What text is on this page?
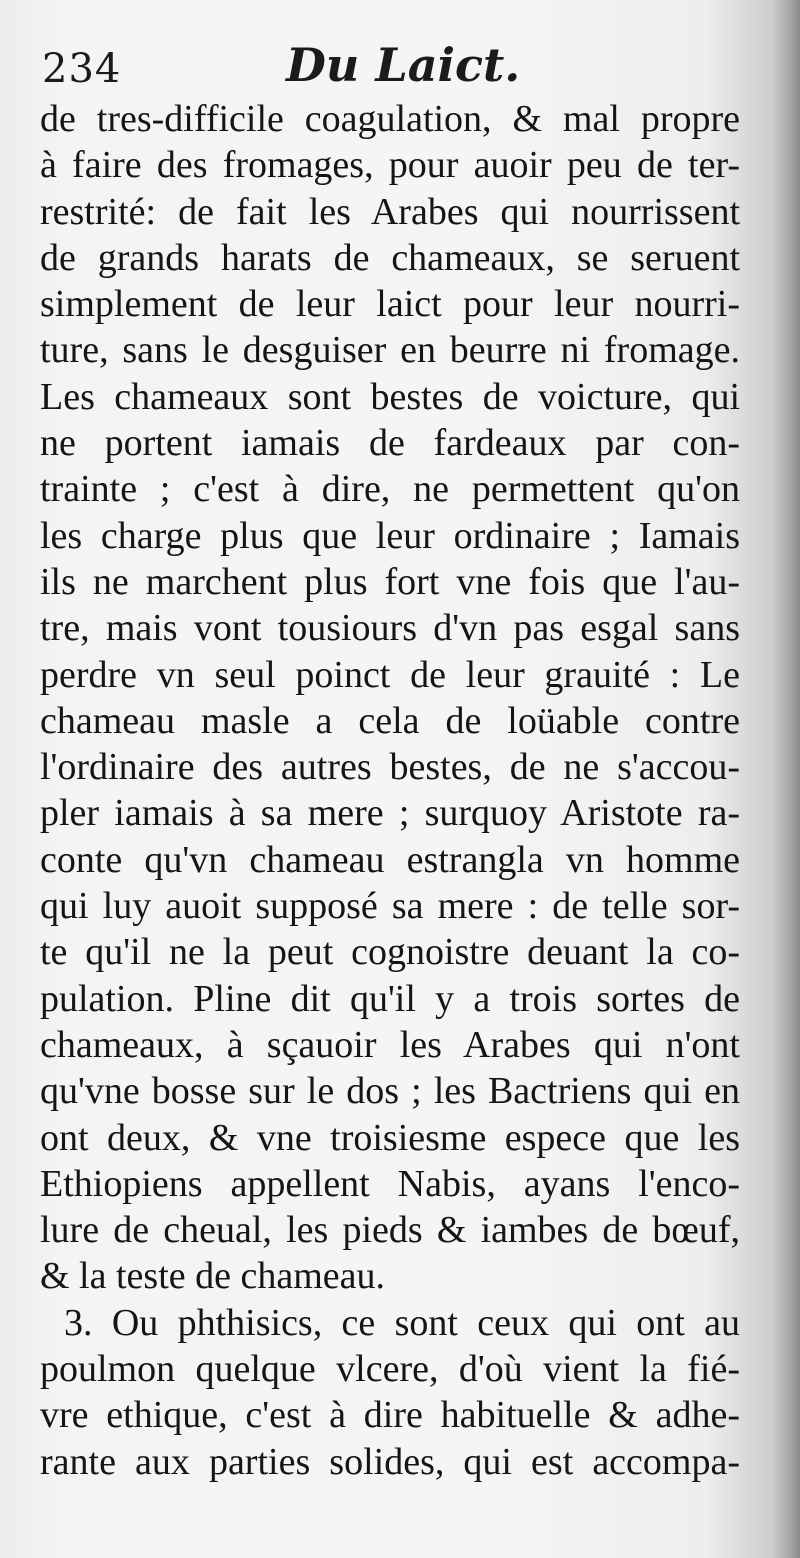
234	Du Laict.
de tres-difficile coagulation, & mal propre
à faire des fromages, pour auoir peu de ter-
restrité: de fait les Arabes qui nourrissent
de grands harats de chameaux, se seruent
simplement de leur laict pour leur nourri-
ture, sans le desguiser en beurre ni fromage.
Les chameaux sont bestes de voicture, qui
ne portent iamais de fardeaux par con-
trainte ; c'est à dire, ne permettent qu'on
les charge plus que leur ordinaire ; Iamais
ils ne marchent plus fort vne fois que l'au-
tre, mais vont tousiours d'vn pas esgal sans
perdre vn seul poinct de leur grauité : Le
chameau masle a cela de loüable contre
l'ordinaire des autres bestes, de ne s'accou-
pler iamais à sa mere ; surquoy Aristote ra-
conte qu'vn chameau estrangla vn homme
qui luy auoit supposé sa mere : de telle sor-
te qu'il ne la peut cognoistre deuant la co-
pulation. Pline dit qu'il y a trois sortes de
chameaux, à sçauoir les Arabes qui n'ont
qu'vne bosse sur le dos ; les Bactriens qui en
ont deux, & vne troisiesme espece que les
Ethiopiens appellent Nabis, ayans l'enco-
lure de cheual, les pieds & iambes de bœuf,
& la teste de chameau.
3. Ou phthisics, ce sont ceux qui ont au
poulmon quelque vlcere, d'où vient la fié-
vre ethique, c'est à dire habituelle & adhe-
rante aux parties solides, qui est accompa-
